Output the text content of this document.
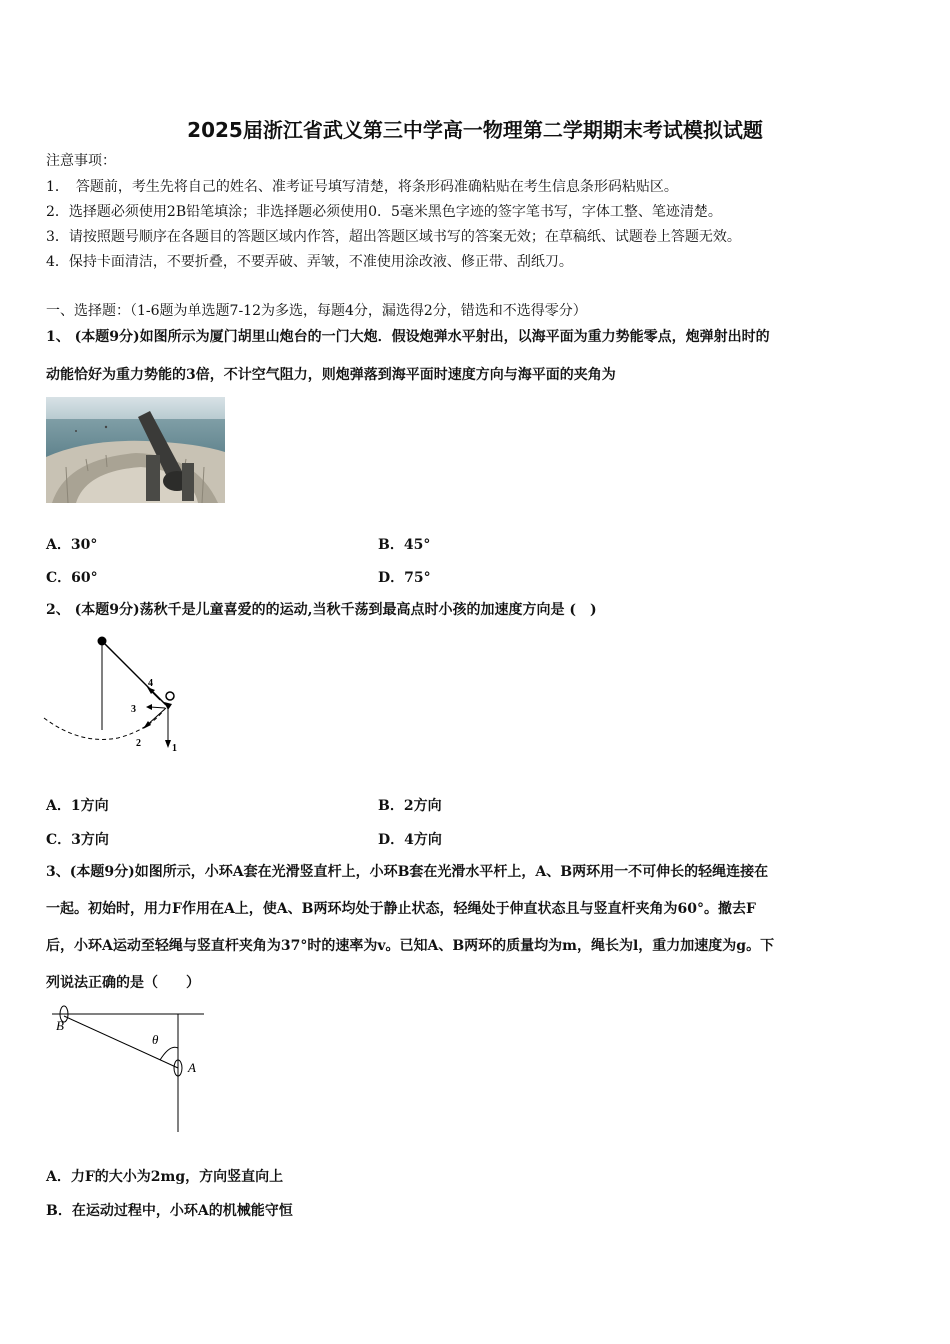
2025届浙江省武义第三中学高一物理第二学期期末考试模拟试题
注意事项：
1．　答题前，考生先将自己的姓名、准考证号填写清楚，将条形码准确粘贴在考生信息条形码粘贴区。
2．选择题必须使用2B铅笔填涂；非选择题必须使用0．5毫米黑色字迹的签字笔书写，字体工整、笔迹清楚。
3．请按照题号顺序在各题目的答题区域内作答，超出答题区域书写的答案无效；在草稿纸、试题卷上答题无效。
4．保持卡面清洁，不要折叠，不要弄破、弄皱，不准使用涂改液、修正带、刮纸刀。
一、选择题：（1-6题为单选题7-12为多选，每题4分，漏选得2分，错选和不选得零分）
1、 (本题9分)如图所示为厦门胡里山炮台的一门大炮．假设炮弹水平射出，以海平面为重力势能零点，炮弹射出时的
动能恰好为重力势能的3倍，不计空气阻力，则炮弹落到海平面时速度方向与海平面的夹角为
A．30°	B．45°
C．60°	D．75°
2、 (本题9分)荡秋千是儿童喜爱的的运动,当秋千荡到最高点时小孩的加速度方向是 (　)
4
3
2	1
A．1方向	B．2方向
C．3方向	D．4方向
3、(本题9分)如图所示，小环A套在光滑竖直杆上，小环B套在光滑水平杆上，A、B两环用一不可伸长的轻绳连接在
一起。初始时，用力F作用在A上，使A、B两环均处于静止状态，轻绳处于伸直状态且与竖直杆夹角为60°。撤去F
后，小环A运动至轻绳与竖直杆夹角为37°时的速率为v。已知A、B两环的质量均为m，绳长为l，重力加速度为g。下
列说法正确的是（　　）
B
θ
A
A．力F的大小为2mg，方向竖直向上
B．在运动过程中，小环A的机械能守恒
